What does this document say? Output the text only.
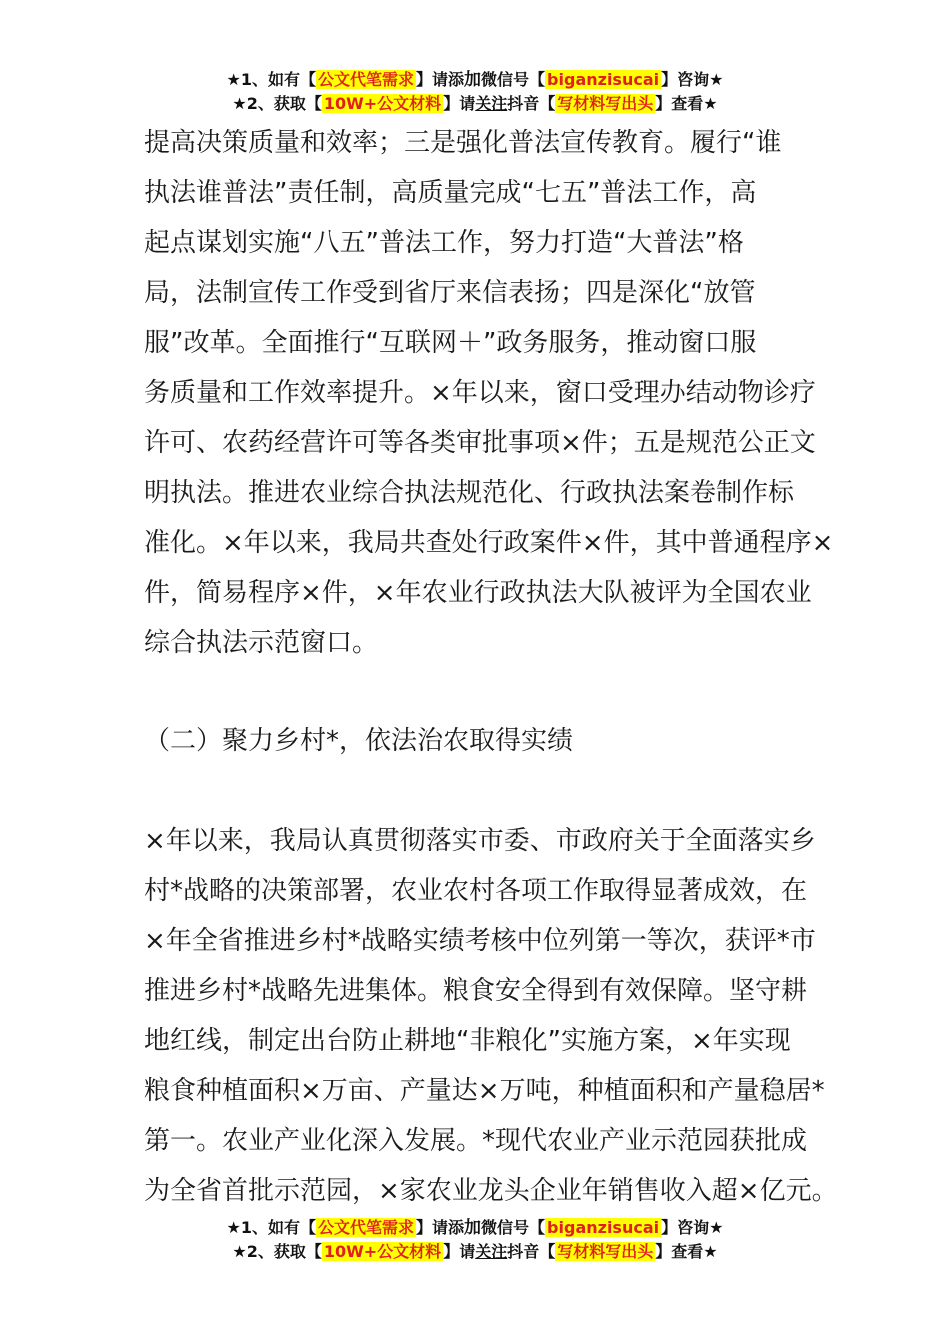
★1、如有【 公文代笔需求 】请添加微信号【 biganzisucai 】咨询★
★2、获取【 10W+公文材料 】请关注抖音【 写材料写出头 】查看★
提高决策质量和效率；三是强化普法宣传教育。履行“谁
执法谁普法”责任制，高质量完成“七五”普法工作，高
起点谋划实施“八五”普法工作，努力打造“大普法”格
局，法制宣传工作受到省厅来信表扬；四是深化“放管
服”改革。全面推行“互联网＋”政务服务，推动窗口服
务质量和工作效率提升。×年以来，窗口受理办结动物诊疗
许可、农药经营许可等各类审批事项×件；五是规范公正文
明执法。推进农业综合执法规范化、行政执法案卷制作标
准化。×年以来，我局共查处行政案件×件，其中普通程序×
件，简易程序×件，×年农业行政执法大队被评为全国农业
综合执法示范窗口。
（二）聚力乡村*，依法治农取得实绩
×年以来，我局认真贯彻落实市委、市政府关于全面落实乡
村*战略的决策部署，农业农村各项工作取得显著成效，在
×年全省推进乡村*战略实绩考核中位列第一等次，获评*市
推进乡村*战略先进集体。粮食安全得到有效保障。坚守耕
地红线，制定出台防止耕地“非粮化”实施方案，×年实现
粮食种植面积×万亩、产量达×万吨，种植面积和产量稳居*
第一。农业产业化深入发展。*现代农业产业示范园获批成
为全省首批示范园，×家农业龙头企业年销售收入超×亿元。
★1、如有【 公文代笔需求 】请添加微信号【 biganzisucai 】咨询★
★2、获取【 10W+公文材料 】请关注抖音【 写材料写出头 】查看★
